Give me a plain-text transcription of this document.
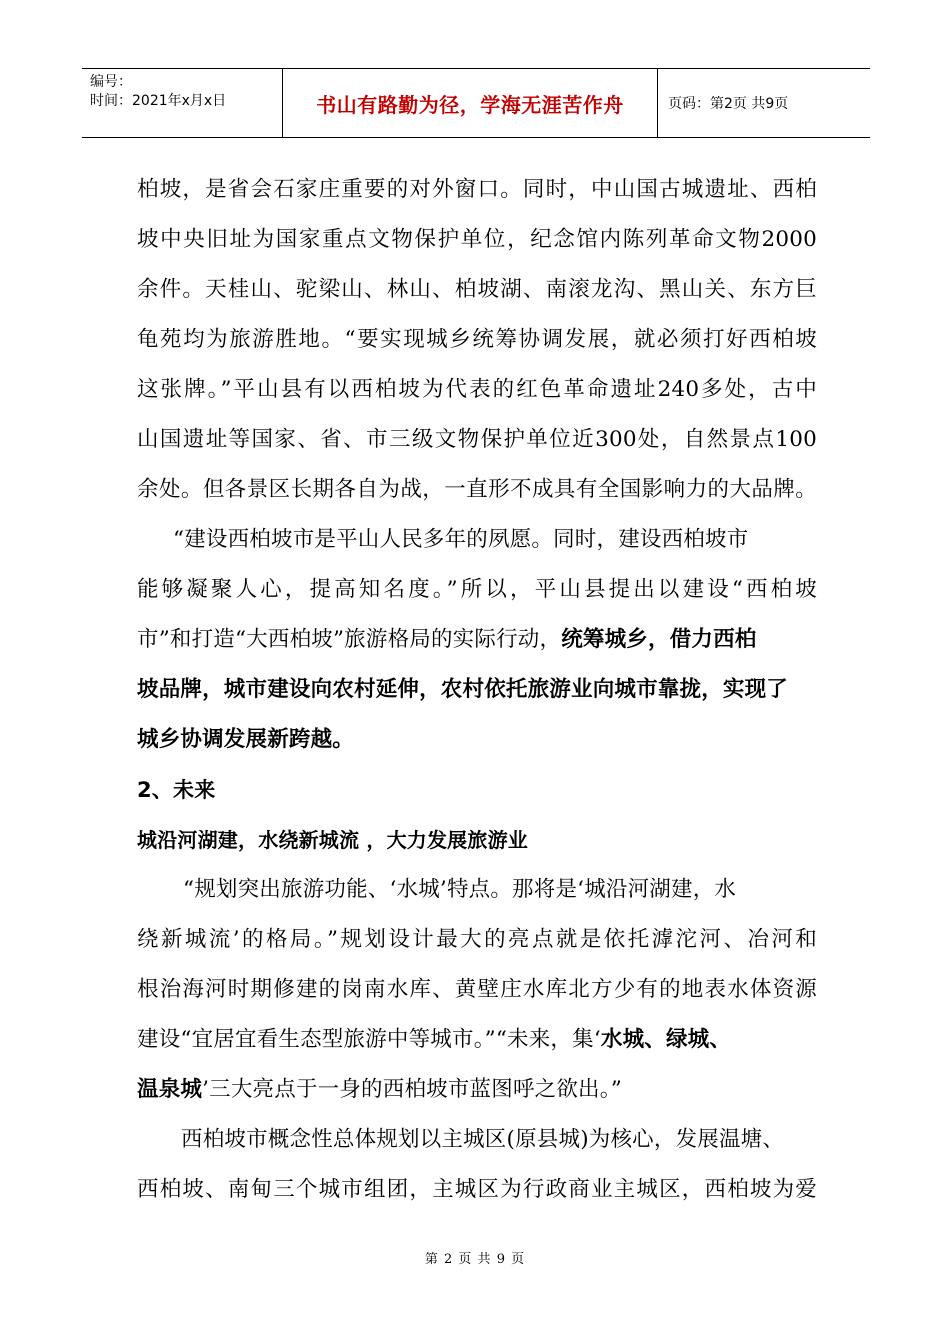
编号：
时间：2021年x月x日	书山有路勤为径，学海无涯苦作舟	页码：第2页 共9页
柏坡，是省会石家庄重要的对外窗口。同时，中山国古城遗址、西柏
坡中央旧址为国家重点文物保护单位，纪念馆内陈列革命文物2000
余件。天桂山、驼梁山、林山、柏坡湖、南滚龙沟、黑山关、东方巨
龟苑均为旅游胜地。“要实现城乡统筹协调发展，就必须打好西柏坡
这张牌。”平山县有以西柏坡为代表的红色革命遗址240多处，古中
山国遗址等国家、省、市三级文物保护单位近300处，自然景点100
余处。但各景区长期各自为战，一直形不成具有全国影响力的大品牌。
“建设西柏坡市是平山人民多年的夙愿。同时，建设西柏坡市
能够凝聚人心，提高知名度。”所以，平山县提出以建设“西柏坡
市”和打造“大西柏坡”旅游格局的实际行动，统筹城乡，借力西柏
坡品牌，城市建设向农村延伸，农村依托旅游业向城市靠拢，实现了
城乡协调发展新跨越。
2、未来
城沿河湖建，水绕新城流 ，大力发展旅游业
“规划突出旅游功能、‘水城’特点。那将是‘城沿河湖建，水
绕新城流’的格局。”规划设计最大的亮点就是依托滹沱河、冶河和
根治海河时期修建的岗南水库、黄壁庄水库北方少有的地表水体资源
建设“宜居宜看生态型旅游中等城市。”“未来，集‘水城、绿城、
温泉城’三大亮点于一身的西柏坡市蓝图呼之欲出。”
西柏坡市概念性总体规划以主城区(原县城)为核心，发展温塘、
西柏坡、南甸三个城市组团，主城区为行政商业主城区，西柏坡为爱
第 2 页 共 9 页
